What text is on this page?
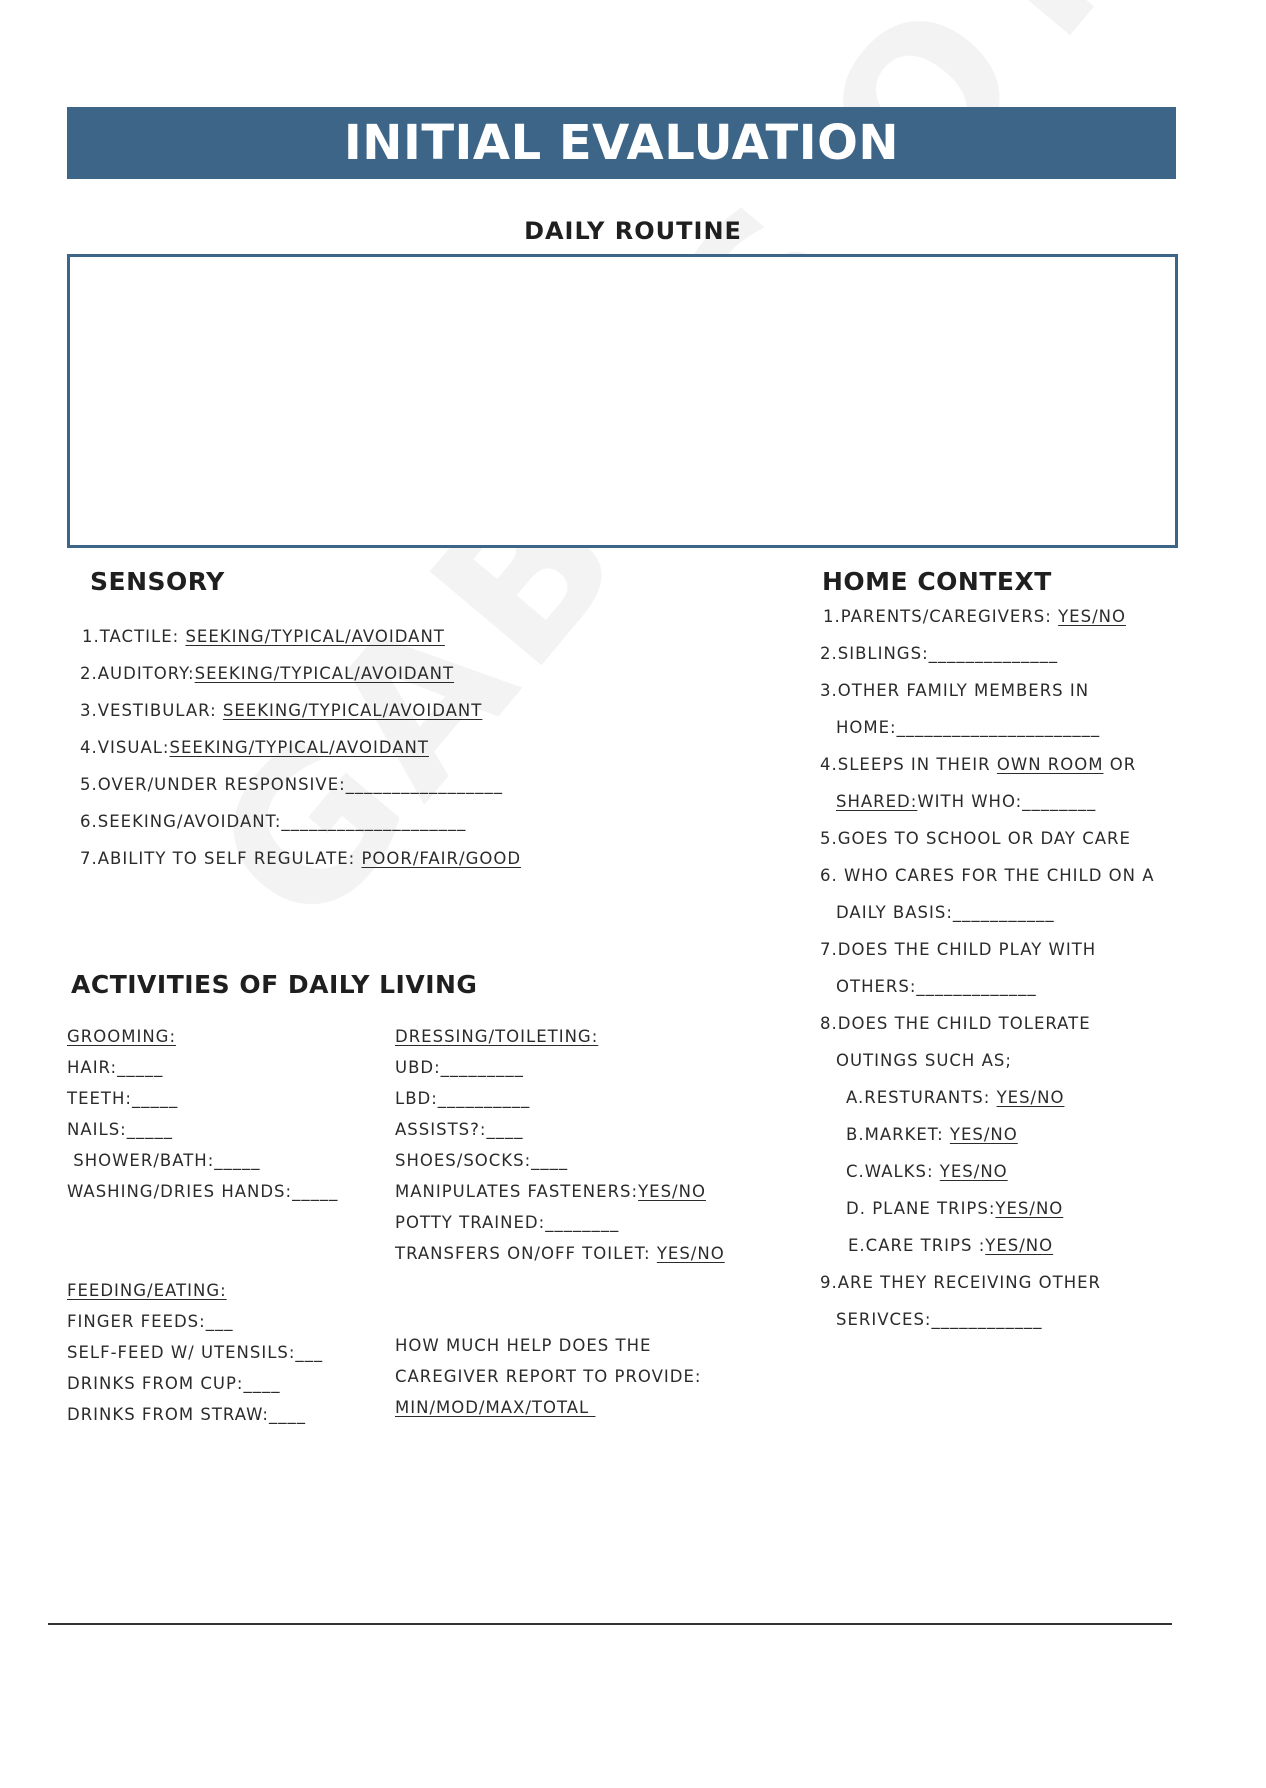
INITIAL EVALUATION
DAILY ROUTINE
SENSORY
1.TACTILE: SEEKING/TYPICAL/AVOIDANT
2.AUDITORY:SEEKING/TYPICAL/AVOIDANT
3.VESTIBULAR: SEEKING/TYPICAL/AVOIDANT
4.VISUAL:SEEKING/TYPICAL/AVOIDANT
5.OVER/UNDER RESPONSIVE:_________________
6.SEEKING/AVOIDANT:____________________
7.ABILITY TO SELF REGULATE: POOR/FAIR/GOOD
ACTIVITIES OF DAILY LIVING
GROOMING:
HAIR:_____
TEETH:_____
NAILS:_____
SHOWER/BATH:_____
WASHING/DRIES HANDS:_____
DRESSING/TOILETING:
UBD:_________
LBD:__________
ASSISTS?:____
SHOES/SOCKS:____
MANIPULATES FASTENERS:YES/NO
POTTY TRAINED:________
TRANSFERS ON/OFF TOILET: YES/NO
FEEDING/EATING:
FINGER FEEDS:___
SELF-FEED W/ UTENSILS:___
DRINKS FROM CUP:____
DRINKS FROM STRAW:____
HOW MUCH HELP DOES THE
CAREGIVER REPORT TO PROVIDE:
MIN/MOD/MAX/TOTAL
HOME CONTEXT
1.PARENTS/CAREGIVERS: YES/NO
2.SIBLINGS:______________
3.OTHER FAMILY MEMBERS IN
HOME:______________________
4.SLEEPS IN THEIR OWN ROOM OR
SHARED:WITH WHO:________
5.GOES TO SCHOOL OR DAY CARE
6. WHO CARES FOR THE CHILD ON A
DAILY BASIS:___________
7.DOES THE CHILD PLAY WITH
OTHERS:_____________
8.DOES THE CHILD TOLERATE
OUTINGS SUCH AS;
A.RESTURANTS: YES/NO
B.MARKET: YES/NO
C.WALKS: YES/NO
D. PLANE TRIPS:YES/NO
E.CARE TRIPS :YES/NO
9.ARE THEY RECEIVING OTHER
SERIVCES:____________
